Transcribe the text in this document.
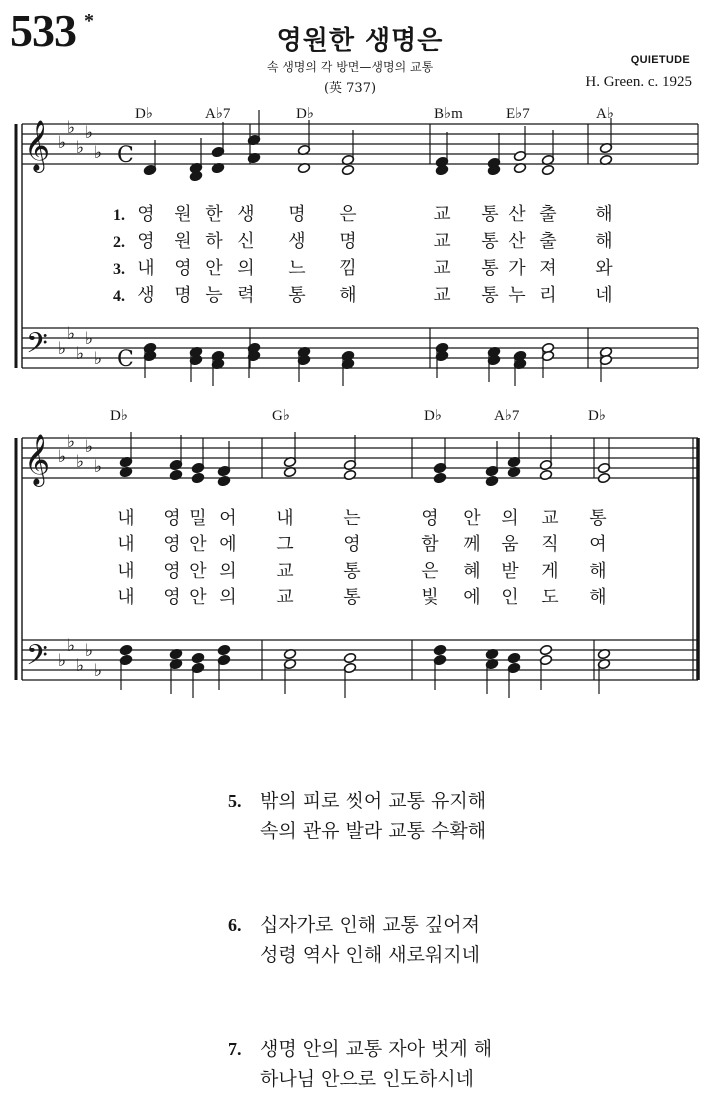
533 *
영원한 생명은
속 생명의 각 방면—생명의 교통
(英 737)
QUIETUDE
H. Green. c. 1925
𝄞
𝄢
♭
♭
♭
♭
♭
♭
♭
♭
♭
♭
C
C
𝄞
𝄢
♭
♭
♭
♭
♭
♭
♭
♭
♭
♭
D♭	A♭7	D♭	B♭m	E♭7	A♭
D♭	G♭	D♭	A♭7	D♭
1.
2.
3.
4.
영 원 한 생 명 은	교 통 산 출 해
영 원 하 신 생 명	교 통 산 출 해
내 영 안 의 느 낌	교 통 가 져 와
생 명 능 력 통 해	교 통 누 리 네
내 영 밀 어 내	는	영 안 의 교 통
내 영 안 에 그	영	함 께 움 직 여
내 영 안 의 교	통	은 혜 받 게 해
내 영 안 의 교	통	빛 에 인 도 해
5. 밖의 피로 씻어 교통 유지해
속의 관유 발라 교통 수확해
6. 십자가로 인해 교통 깊어져
성령 역사 인해 새로워지네
7. 생명 안의 교통 자아 벗게 해
하나님 안으로 인도하시네
